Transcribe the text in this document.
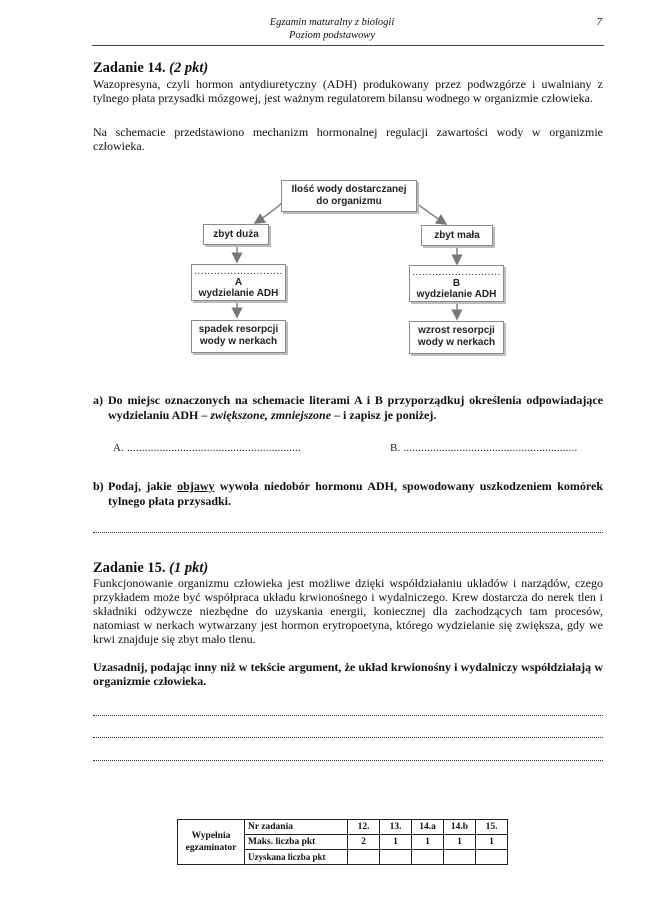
Egzamin maturalny z biologii
Poziom podstawowy
7
Zadanie 14. (2 pkt)

Wazopresyna, czyli hormon antydiuretyczny (ADH) produkowany przez podwzgórze i uwalniany z tylnego płata przysadki mózgowej, jest ważnym regulatorem bilansu wodnego w organizmie człowieka.

Na schemacie przedstawiono mechanizm hormonalnej regulacji zawartości wody w organizmie człowieka.

Ilość wody dostarczanej
do organizmu
zbyt duża	zbyt mała
...........................
A
wydzielanie ADH
...........................
B
wydzielanie ADH
spadek resorpcji
wody w nerkach
wzrost resorpcji
wody w nerkach
a) Do miejsc oznaczonych na schemacie literami A i B przyporządkuj określenia odpowiadające wydzielaniu ADH – zwiększone, zmniejszone – i zapisz je poniżej.
A. ...........................................................	B. ...........................................................
b) Podaj, jakie objawy wywoła niedobór hormonu ADH, spowodowany uszkodzeniem komórek tylnego płata przysadki.
Zadanie 15. (1 pkt)

Funkcjonowanie organizmu człowieka jest możliwe dzięki współdziałaniu układów i narządów, czego przykładem może być współpraca układu krwionośnego i wydalniczego. Krew dostarcza do nerek tlen i składniki odżywcze niezbędne do uzyskania energii, koniecznej dla zachodzących tam procesów, natomiast w nerkach wytwarzany jest hormon erytropoetyna, którego wydzielanie się zwiększa, gdy we krwi znajduje się zbyt mało tlenu.

Uzasadnij, podając inny niż w tekście argument, że układ krwionośny i wydalniczy współdziałają w organizmie człowieka.

Wypełnia egzaminator	Nr zadania	12.	13.	14.a	14.b	15.
	Maks. liczba pkt	2	1	1	1	1
	Uzyskana liczba pkt					
